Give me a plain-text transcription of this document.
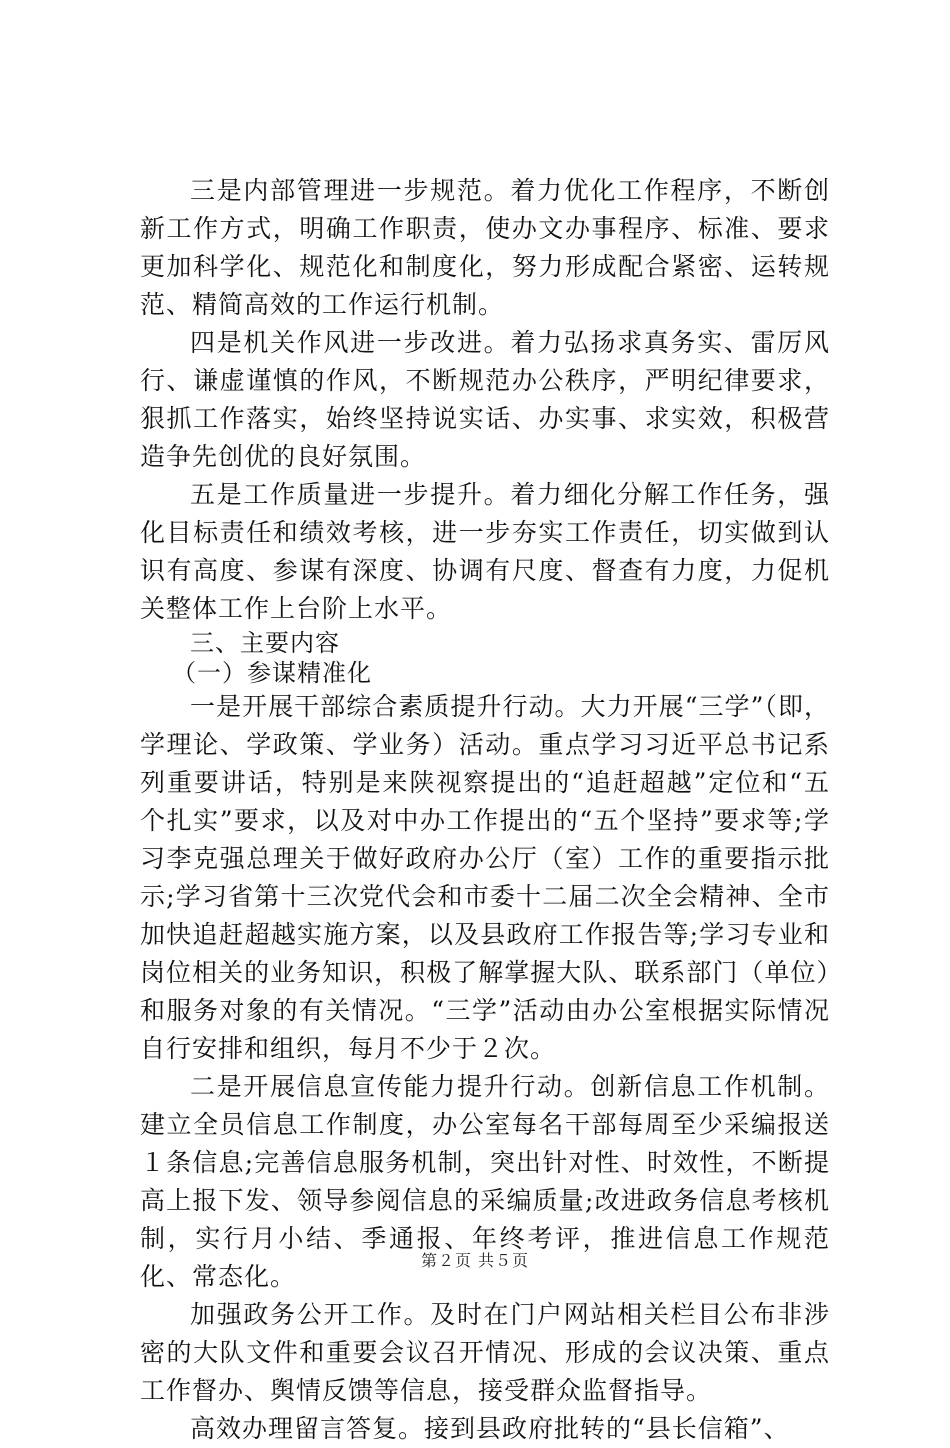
三是内部管理进一步规范。着力优化工作程序，不断创新工作方式，明确工作职责，使办文办事程序、标准、要求更加科学化、规范化和制度化，努力形成配合紧密、运转规范、精简高效的工作运行机制。

四是机关作风进一步改进。着力弘扬求真务实、雷厉风行、谦虚谨慎的作风，不断规范办公秩序，严明纪律要求，狠抓工作落实，始终坚持说实话、办实事、求实效，积极营造争先创优的良好氛围。

五是工作质量进一步提升。着力细化分解工作任务，强化目标责任和绩效考核，进一步夯实工作责任，切实做到认识有高度、参谋有深度、协调有尺度、督查有力度，力促机关整体工作上台阶上水平。

三、主要内容

（一）参谋精准化

一是开展干部综合素质提升行动。大力开展“三学”（即，学理论、学政策、学业务）活动。重点学习习近平总书记系列重要讲话，特别是来陕视察提出的“追赶超越”定位和“五个扎实”要求，以及对中办工作提出的“五个坚持”要求等;学习李克强总理关于做好政府办公厅（室）工作的重要指示批示;学习省第十三次党代会和市委十二届二次全会精神、全市加快追赶超越实施方案，以及县政府工作报告等;学习专业和岗位相关的业务知识，积极了解掌握大队、联系部门（单位）和服务对象的有关情况。“三学”活动由办公室根据实际情况自行安排和组织，每月不少于２次。

二是开展信息宣传能力提升行动。创新信息工作机制。建立全员信息工作制度，办公室每名干部每周至少采编报送１条信息;完善信息服务机制，突出针对性、时效性，不断提高上报下发、领导参阅信息的采编质量;改进政务信息考核机制，实行月小结、季通报、年终考评，推进信息工作规范化、常态化。

加强政务公开工作。及时在门户网站相关栏目公布非涉密的大队文件和重要会议召开情况、形成的会议决策、重点工作督办、舆情反馈等信息，接受群众监督指导。

高效办理留言答复。接到县政府批转的“县长信箱”、

第２页 共５页
